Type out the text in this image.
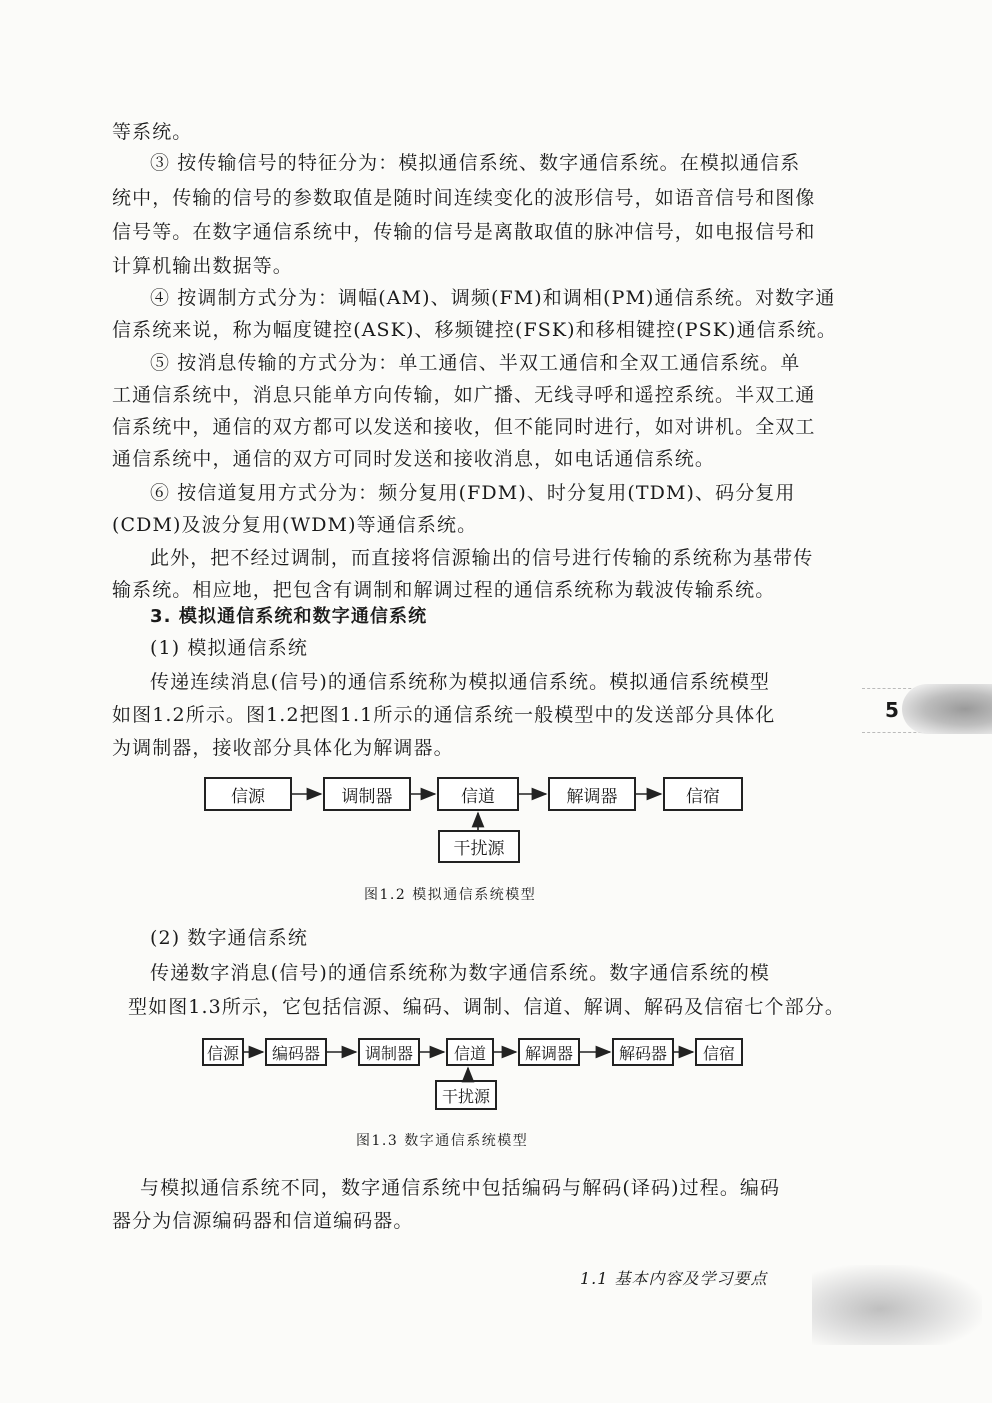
等系统。
③ 按传输信号的特征分为：模拟通信系统、数字通信系统。在模拟通信系
统中，传输的信号的参数取值是随时间连续变化的波形信号，如语音信号和图像
信号等。在数字通信系统中，传输的信号是离散取值的脉冲信号，如电报信号和
计算机输出数据等。
④ 按调制方式分为：调幅(AM)、调频(FM)和调相(PM)通信系统。对数字通
信系统来说，称为幅度键控(ASK)、移频键控(FSK)和移相键控(PSK)通信系统。
⑤ 按消息传输的方式分为：单工通信、半双工通信和全双工通信系统。单
工通信系统中，消息只能单方向传输，如广播、无线寻呼和遥控系统。半双工通
信系统中，通信的双方都可以发送和接收，但不能同时进行，如对讲机。全双工
通信系统中，通信的双方可同时发送和接收消息，如电话通信系统。
⑥ 按信道复用方式分为：频分复用(FDM)、时分复用(TDM)、码分复用
(CDM)及波分复用(WDM)等通信系统。
此外，把不经过调制，而直接将信源输出的信号进行传输的系统称为基带传
输系统。相应地，把包含有调制和解调过程的通信系统称为载波传输系统。
(1) 模拟通信系统
传递连续消息(信号)的通信系统称为模拟通信系统。模拟通信系统模型
如图1.2所示。图1.2把图1.1所示的通信系统一般模型中的发送部分具体化
为调制器，接收部分具体化为解调器。
(2) 数字通信系统
传递数字消息(信号)的通信系统称为数字通信系统。数字通信系统的模
型如图1.3所示，它包括信源、编码、调制、信道、解调、解码及信宿七个部分。
与模拟通信系统不同，数字通信系统中包括编码与解码(译码)过程。编码
器分为信源编码器和信道编码器。
3. 模拟通信系统和数字通信系统
信源	调制器	信道	解调器	信宿
干扰源
图1.2 模拟通信系统模型
信源	编码器	调制器	信道	解调器	解码器	信宿
干扰源
图1.3 数字通信系统模型
5
1.1 基本内容及学习要点
